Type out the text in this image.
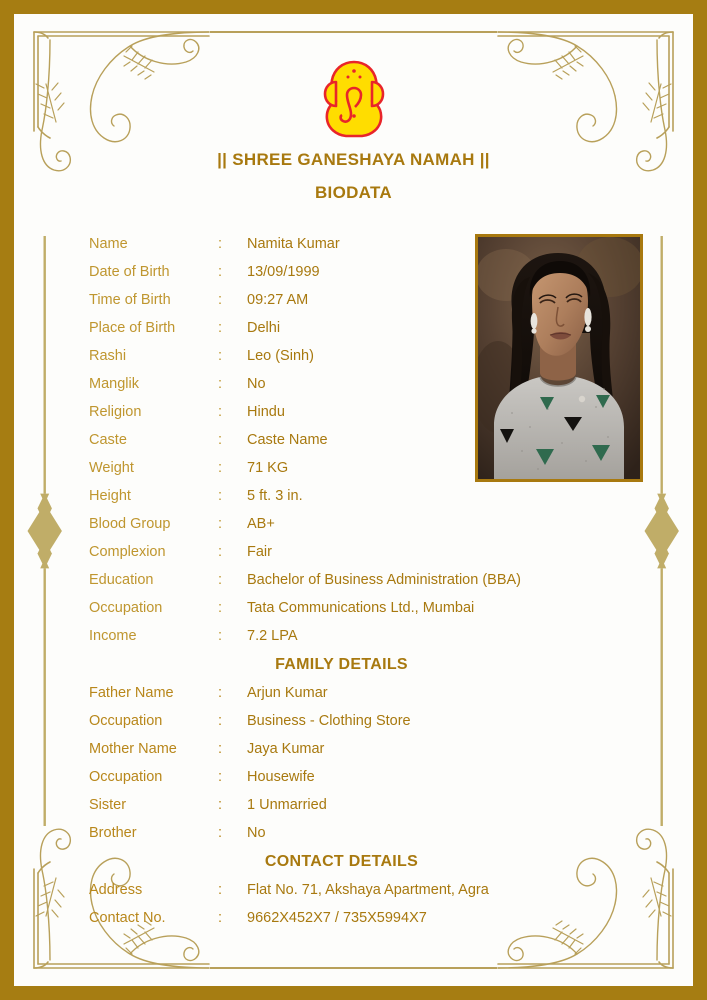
|| SHREE GANESHAYA NAMAH ||
BIODATA
Name	: Namita Kumar
Date of Birth	: 13/09/1999
Time of Birth	: 09:27 AM
Place of Birth	: Delhi
Rashi	: Leo (Sinh)
Manglik	: No
Religion	: Hindu
Caste	: Caste Name
Weight	: 71 KG
Height	: 5 ft. 3 in.
Blood Group	: AB+
Complexion	: Fair
Education	: Bachelor of Business Administration (BBA)
Occupation	: Tata Communications Ltd., Mumbai
Income	: 7.2 LPA
FAMILY DETAILS
Father Name	: Arjun Kumar
Occupation	: Business - Clothing Store
Mother Name	: Jaya Kumar
Occupation	: Housewife
Sister	: 1 Unmarried
Brother	: No
CONTACT DETAILS
Address	: Flat No. 71, Akshaya Apartment, Agra
Contact No.	: 9662X452X7 / 735X5994X7
